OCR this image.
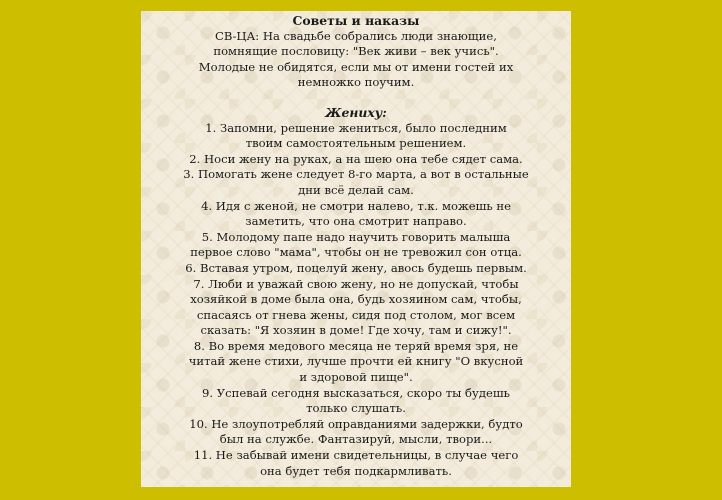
Советы и наказы

СВ-ЦА: На свадьбе собрались люди знающие,

помнящие пословицу: "Век живи – век учись".

Молодые не обидятся, если мы от имени гостей их

немножко поучим.

Жениху:

1. Запомни, решение жениться, было последним

твоим самостоятельным решением.

2. Носи жену на руках, а на шею она тебе сядет сама.

3. Помогать жене следует 8-го марта, а вот в остальные

дни всё делай сам.

4. Идя с женой, не смотри налево, т.к. можешь не

заметить, что она смотрит направо.

5. Молодому папе надо научить говорить малыша

первое слово "мама", чтобы он не тревожил сон отца.

6. Вставая утром, поцелуй жену, авось будешь первым.

7. Люби и уважай свою жену, но не допускай, чтобы

хозяйкой в доме была она, будь хозяином сам, чтобы,

спасаясь от гнева жены, сидя под столом, мог всем

сказать: "Я хозяин в доме! Где хочу, там и сижу!".

8. Во время медового месяца не теряй время зря, не

читай жене стихи, лучше прочти ей книгу "О вкусной

и здоровой пище".

9. Успевай сегодня высказаться, скоро ты будешь

только слушать.

10. Не злоупотребляй оправданиями задержки, будто

был на службе. Фантазируй, мысли, твори...

11. Не забывай имени свидетельницы, в случае чего

она будет тебя подкармливать.
